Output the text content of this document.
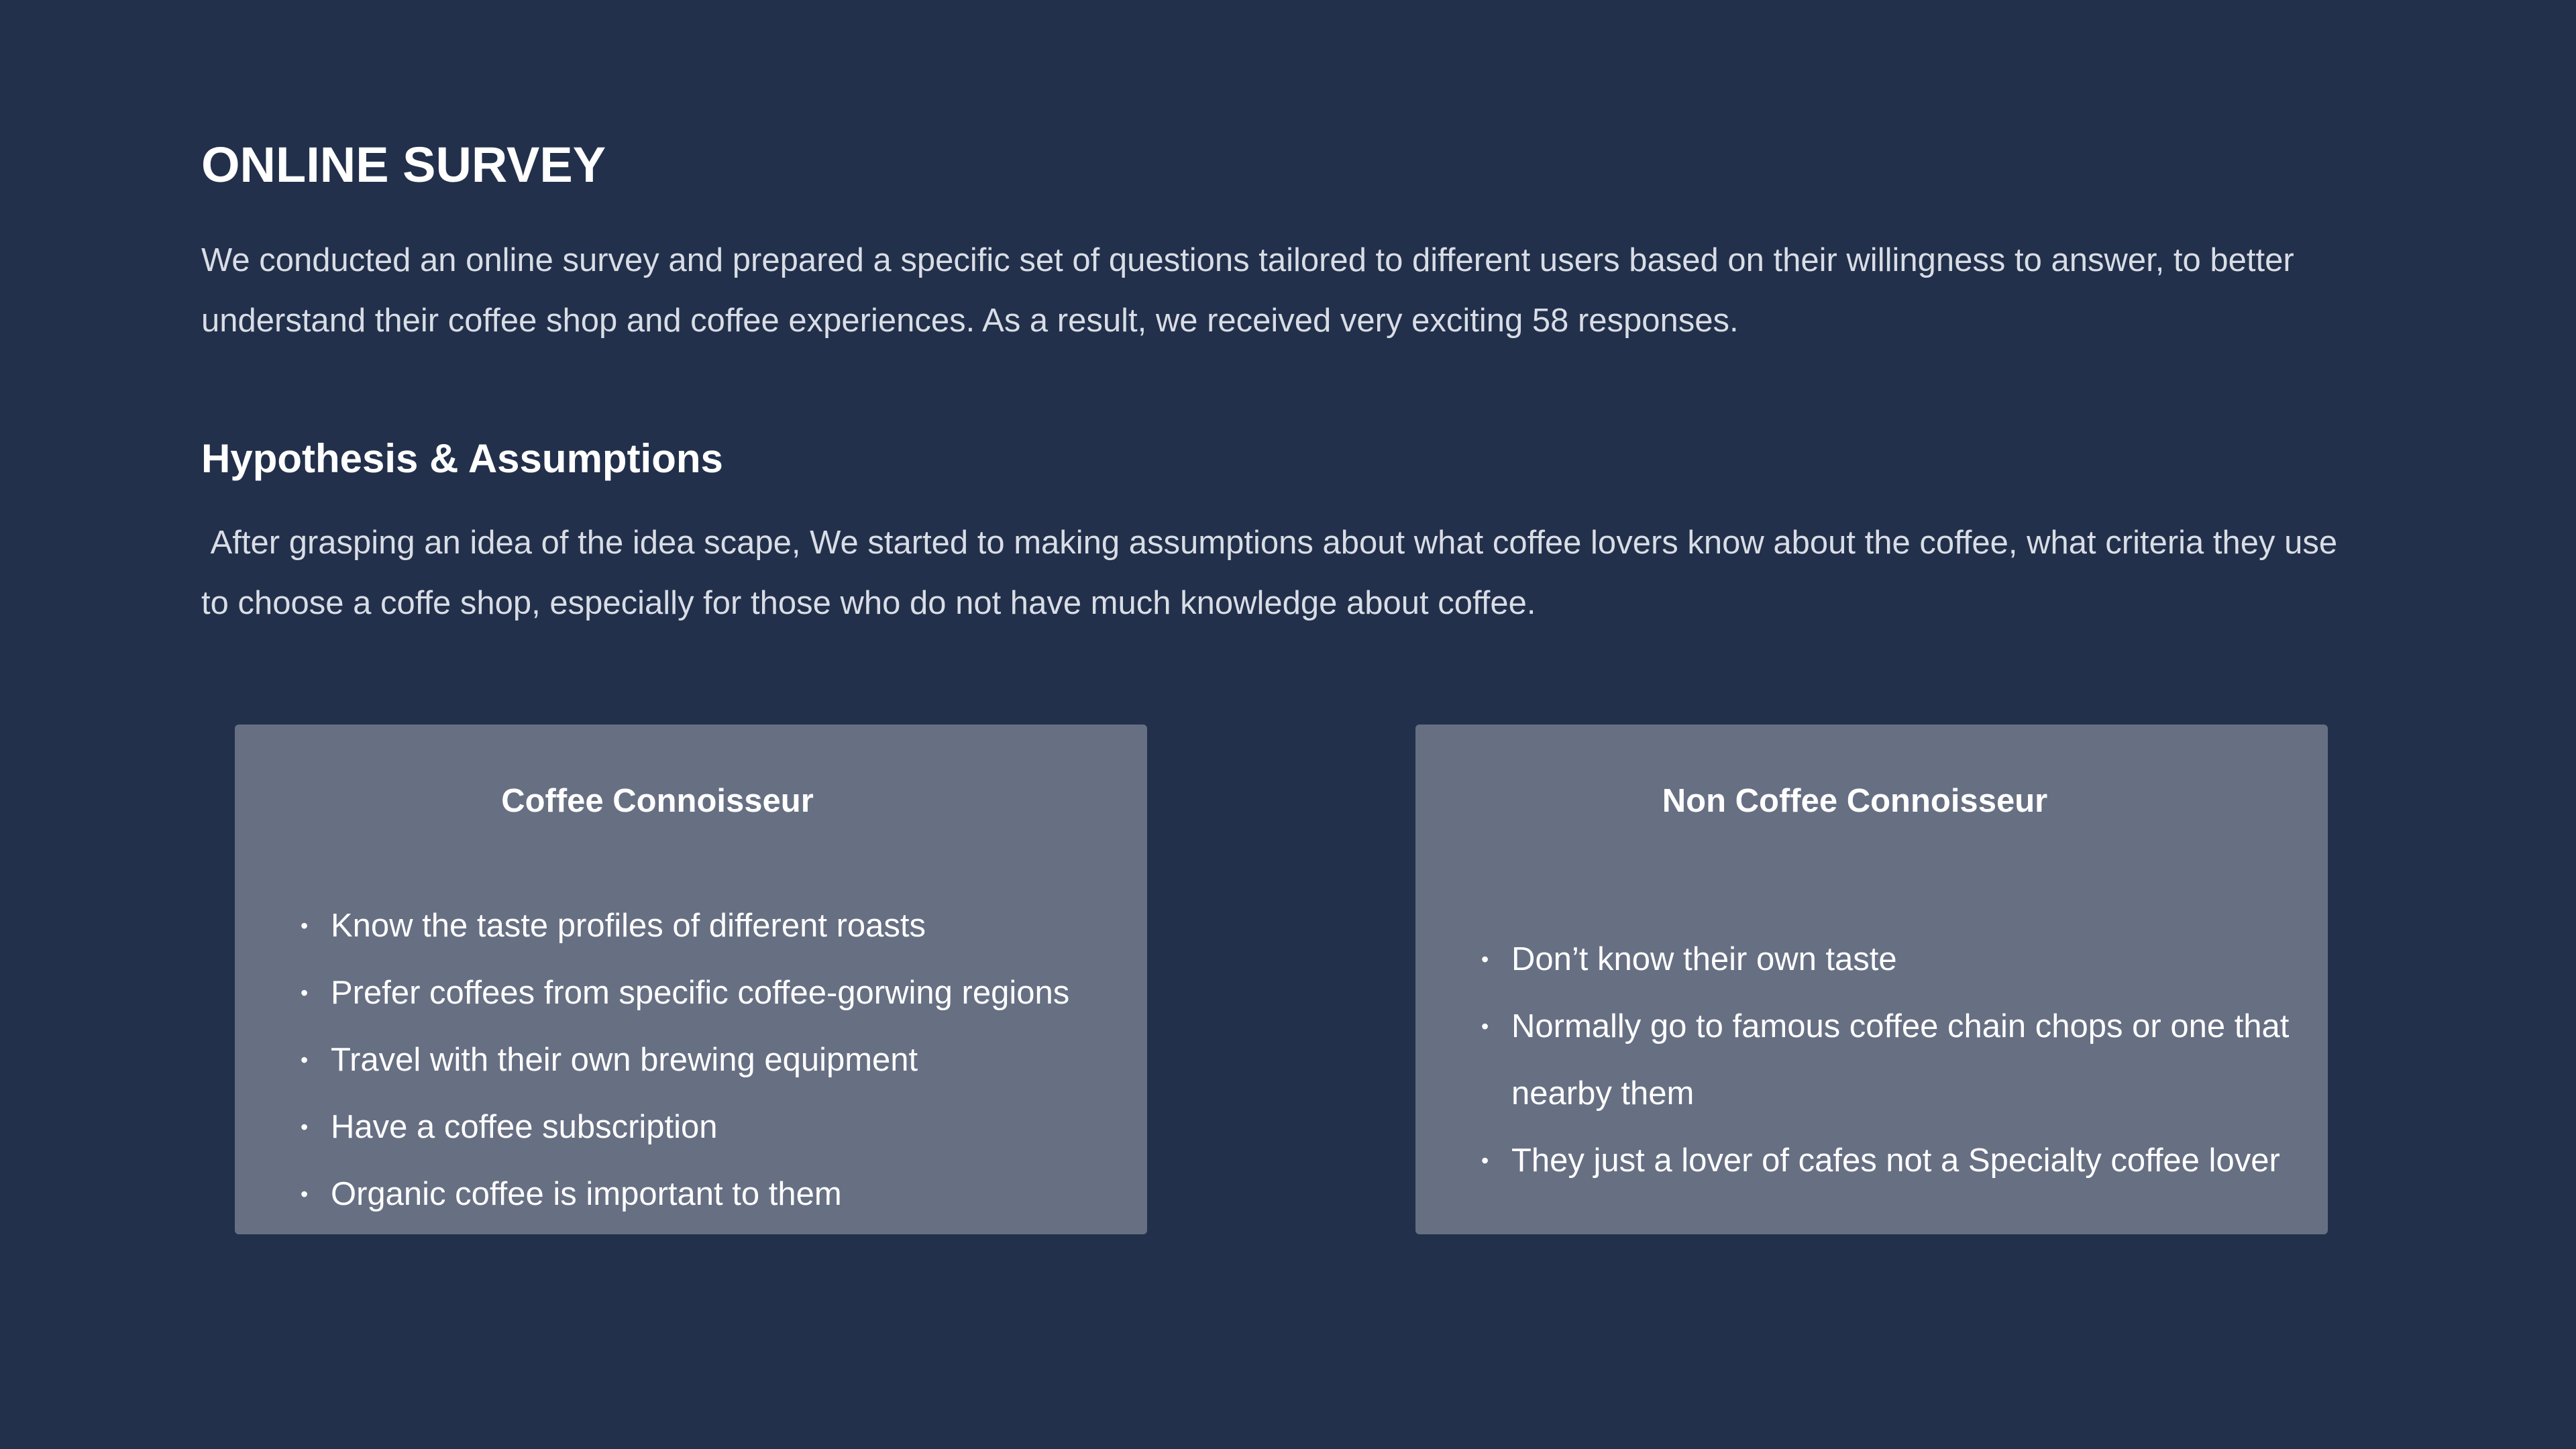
ONLINE SURVEY

We conducted an online survey and prepared a specific set of questions tailored to different users based on their willingness to answer, to better understand their coffee shop and coffee experiences. As a result, we received very exciting 58 responses.

Hypothesis & Assumptions

After grasping an idea of the idea scape, We started to making assumptions about what coffee lovers know about the coffee, what criteria they use to choose a coffe shop, especially for those who do not have much knowledge about coffee.

Coffee Connoisseur
• Know the taste profiles of different roasts
• Prefer coffees from specific coffee-gorwing regions
• Travel with their own brewing equipment
• Have a coffee subscription
• Organic coffee is important to them
Non Coffee Connoisseur
• Don’t know their own taste
• Normally go to famous coffee chain chops or one that nearby them
• They just a lover of cafes not a Specialty coffee lover
